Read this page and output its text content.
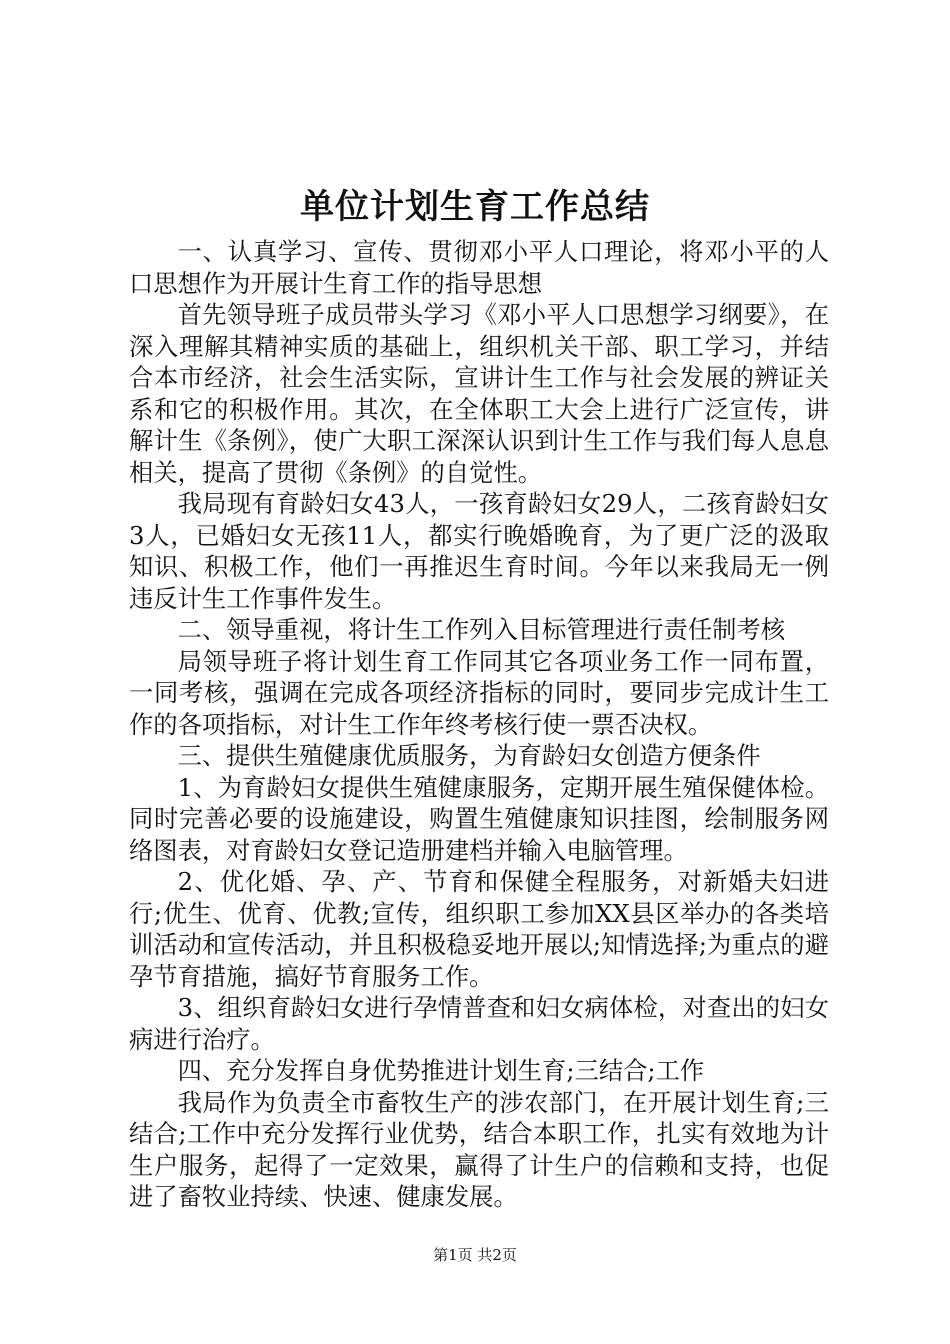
单位计划生育工作总结

一、认真学习、宣传、贯彻邓小平人口理论，将邓小平的人口思想作为开展计生育工作的指导思想

首先领导班子成员带头学习《邓小平人口思想学习纲要》，在深入理解其精神实质的基础上，组织机关干部、职工学习，并结合本市经济，社会生活实际，宣讲计生工作与社会发展的辨证关系和它的积极作用。其次，在全体职工大会上进行广泛宣传，讲解计生《条例》，使广大职工深深认识到计生工作与我们每人息息相关，提高了贯彻《条例》的自觉性。

我局现有育龄妇女43人，一孩育龄妇女29人，二孩育龄妇女3人，已婚妇女无孩11人，都实行晚婚晚育，为了更广泛的汲取知识、积极工作，他们一再推迟生育时间。今年以来我局无一例违反计生工作事件发生。

二、领导重视，将计生工作列入目标管理进行责任制考核

局领导班子将计划生育工作同其它各项业务工作一同布置，一同考核，强调在完成各项经济指标的同时，要同步完成计生工作的各项指标，对计生工作年终考核行使一票否决权。

三、提供生殖健康优质服务，为育龄妇女创造方便条件

1、为育龄妇女提供生殖健康服务，定期开展生殖保健体检。同时完善必要的设施建设，购置生殖健康知识挂图，绘制服务网络图表，对育龄妇女登记造册建档并输入电脑管理。

2、优化婚、孕、产、节育和保健全程服务，对新婚夫妇进行;优生、优育、优教;宣传，组织职工参加XX县区举办的各类培训活动和宣传活动，并且积极稳妥地开展以;知情选择;为重点的避孕节育措施，搞好节育服务工作。

3、组织育龄妇女进行孕情普查和妇女病体检，对查出的妇女病进行治疗。

四、充分发挥自身优势推进计划生育;三结合;工作

我局作为负责全市畜牧生产的涉农部门，在开展计划生育;三结合;工作中充分发挥行业优势，结合本职工作，扎实有效地为计生户服务，起得了一定效果，赢得了计生户的信赖和支持，也促进了畜牧业持续、快速、健康发展。

第1页 共2页
